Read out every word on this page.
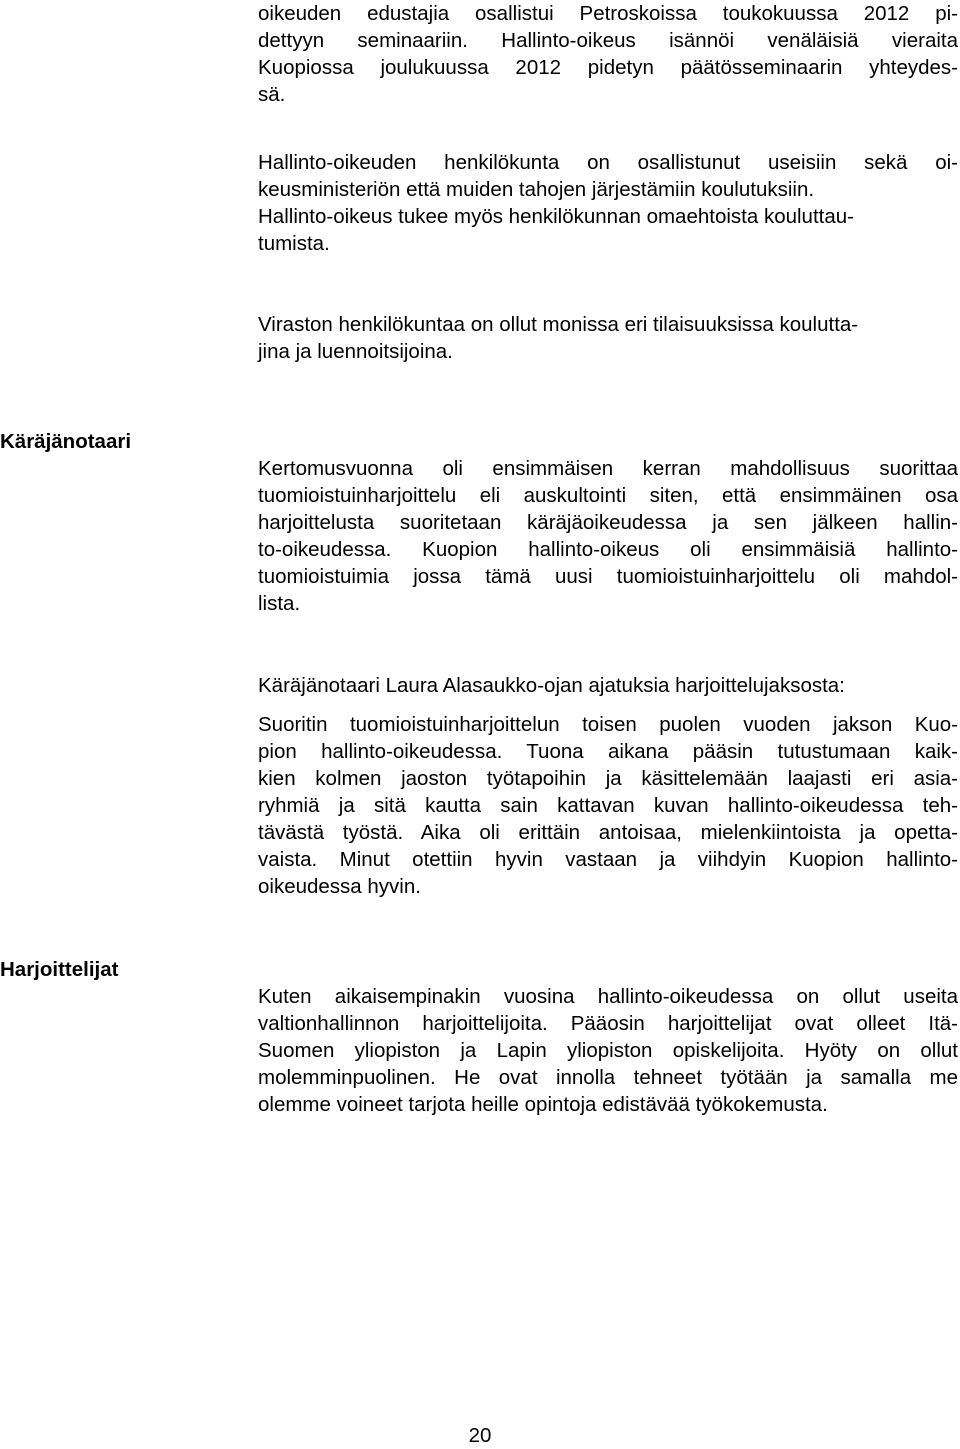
oikeuden edustajia osallistui Petroskoissa toukokuussa 2012 pi-
dettyyn seminaariin. Hallinto-oikeus isännöi venäläisiä vieraita
Kuopiossa joulukuussa 2012 pidetyn päätösseminaarin yhteydes-
sä.
Hallinto-oikeuden henkilökunta on osallistunut useisiin sekä oi-
keusministeriön että muiden tahojen järjestämiin koulutuksiin.
Hallinto-oikeus tukee myös henkilökunnan omaehtoista kouluttau-
tumista.
Viraston henkilökuntaa on ollut monissa eri tilaisuuksissa koulutta-
jina ja luennoitsijoina.
Käräjänotaari
Kertomusvuonna oli ensimmäisen kerran mahdollisuus suorittaa
tuomioistuinharjoittelu eli auskultointi siten, että ensimmäinen osa
harjoittelusta suoritetaan käräjäoikeudessa ja sen jälkeen hallin-
to-oikeudessa. Kuopion hallinto-oikeus oli ensimmäisiä hallinto-
tuomioistuimia jossa tämä uusi tuomioistuinharjoittelu oli mahdol-
lista.
Käräjänotaari Laura Alasaukko-ojan ajatuksia harjoittelujaksosta:
Suoritin tuomioistuinharjoittelun toisen puolen vuoden jakson Kuo-
pion hallinto-oikeudessa. Tuona aikana pääsin tutustumaan kaik-
kien kolmen jaoston työtapoihin ja käsittelemään laajasti eri asia-
ryhmiä ja sitä kautta sain kattavan kuvan hallinto-oikeudessa teh-
tävästä työstä. Aika oli erittäin antoisaa, mielenkiintoista ja opetta-
vaista. Minut otettiin hyvin vastaan ja viihdyin Kuopion hallinto-
oikeudessa hyvin.
Harjoittelijat
Kuten aikaisempinakin vuosina hallinto-oikeudessa on ollut useita
valtionhallinnon harjoittelijoita. Pääosin harjoittelijat ovat olleet Itä-
Suomen yliopiston ja Lapin yliopiston opiskelijoita. Hyöty on ollut
molemminpuolinen. He ovat innolla tehneet työtään ja samalla me
olemme voineet tarjota heille opintoja edistävää työkokemusta.
20
